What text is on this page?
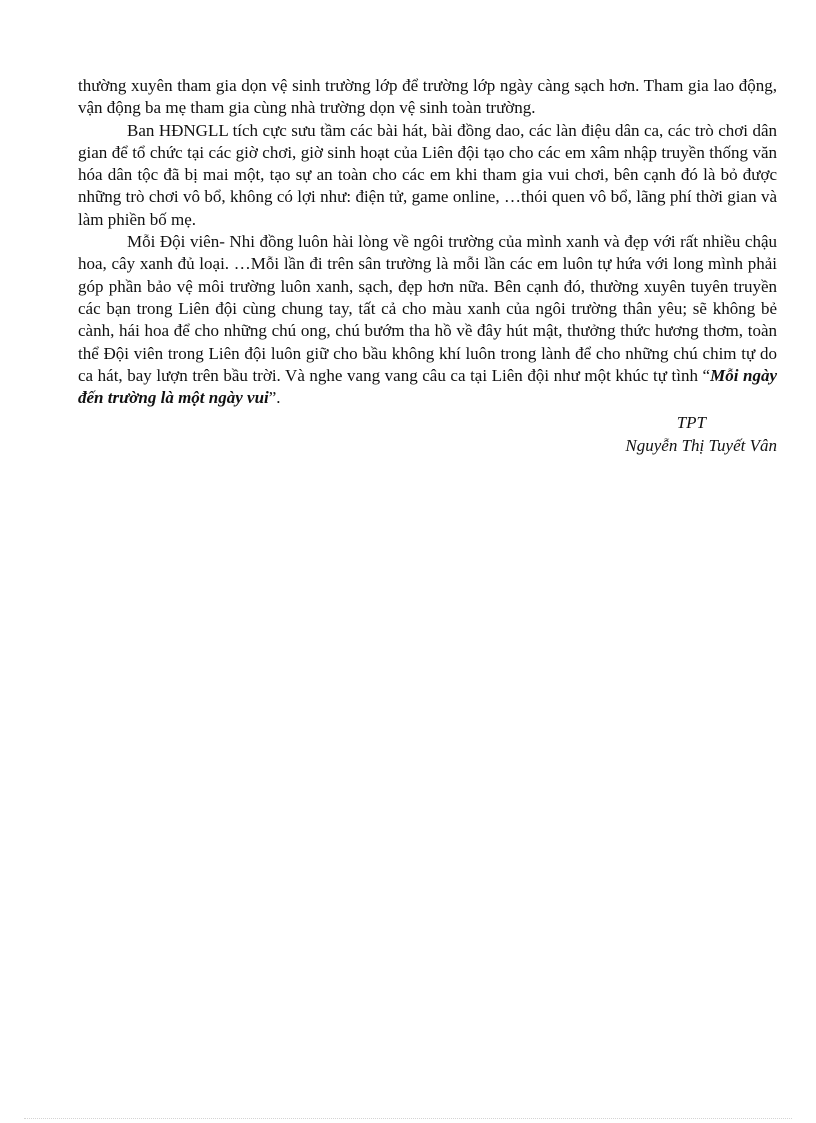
thường xuyên tham gia dọn vệ sinh trường lớp để trường lớp ngày càng sạch hơn. Tham gia lao động, vận động ba mẹ tham gia cùng nhà trường dọn vệ sinh toàn trường.

Ban HĐNGLL tích cực sưu tầm các bài hát, bài đồng dao, các làn điệu dân ca, các trò chơi dân gian để tổ chức tại các giờ chơi, giờ sinh hoạt của Liên đội tạo cho các em xâm nhập truyền thống văn hóa dân tộc đã bị mai một, tạo sự an toàn cho các em khi tham gia vui chơi, bên cạnh đó là bỏ được những trò chơi vô bổ, không có lợi như: điện tử, game online, …thói quen vô bổ, lãng phí thời gian và làm phiền bố mẹ.

Mỗi Đội viên- Nhi đồng luôn hài lòng về ngôi trường của mình xanh và đẹp với rất nhiều chậu hoa, cây xanh đủ loại. …Mỗi lần đi trên sân trường là mỗi lần các em luôn tự hứa với long mình phải góp phần bảo vệ môi trường luôn xanh, sạch, đẹp hơn nữa. Bên cạnh đó, thường xuyên tuyên truyền các bạn trong Liên đội cùng chung tay, tất cả cho màu xanh của ngôi trường thân yêu; sẽ không bẻ cành, hái hoa để cho những chú ong, chú bướm tha hồ về đây hút mật, thưởng thức hương thơm, toàn thể Đội viên trong Liên đội luôn giữ cho bầu không khí luôn trong lành để cho những chú chim tự do ca hát, bay lượn trên bầu trời. Và nghe vang vang câu ca tại Liên đội như một khúc tự tình “Mỗi ngày đến trường là một ngày vui”.

TPT

Nguyễn Thị Tuyết Vân
